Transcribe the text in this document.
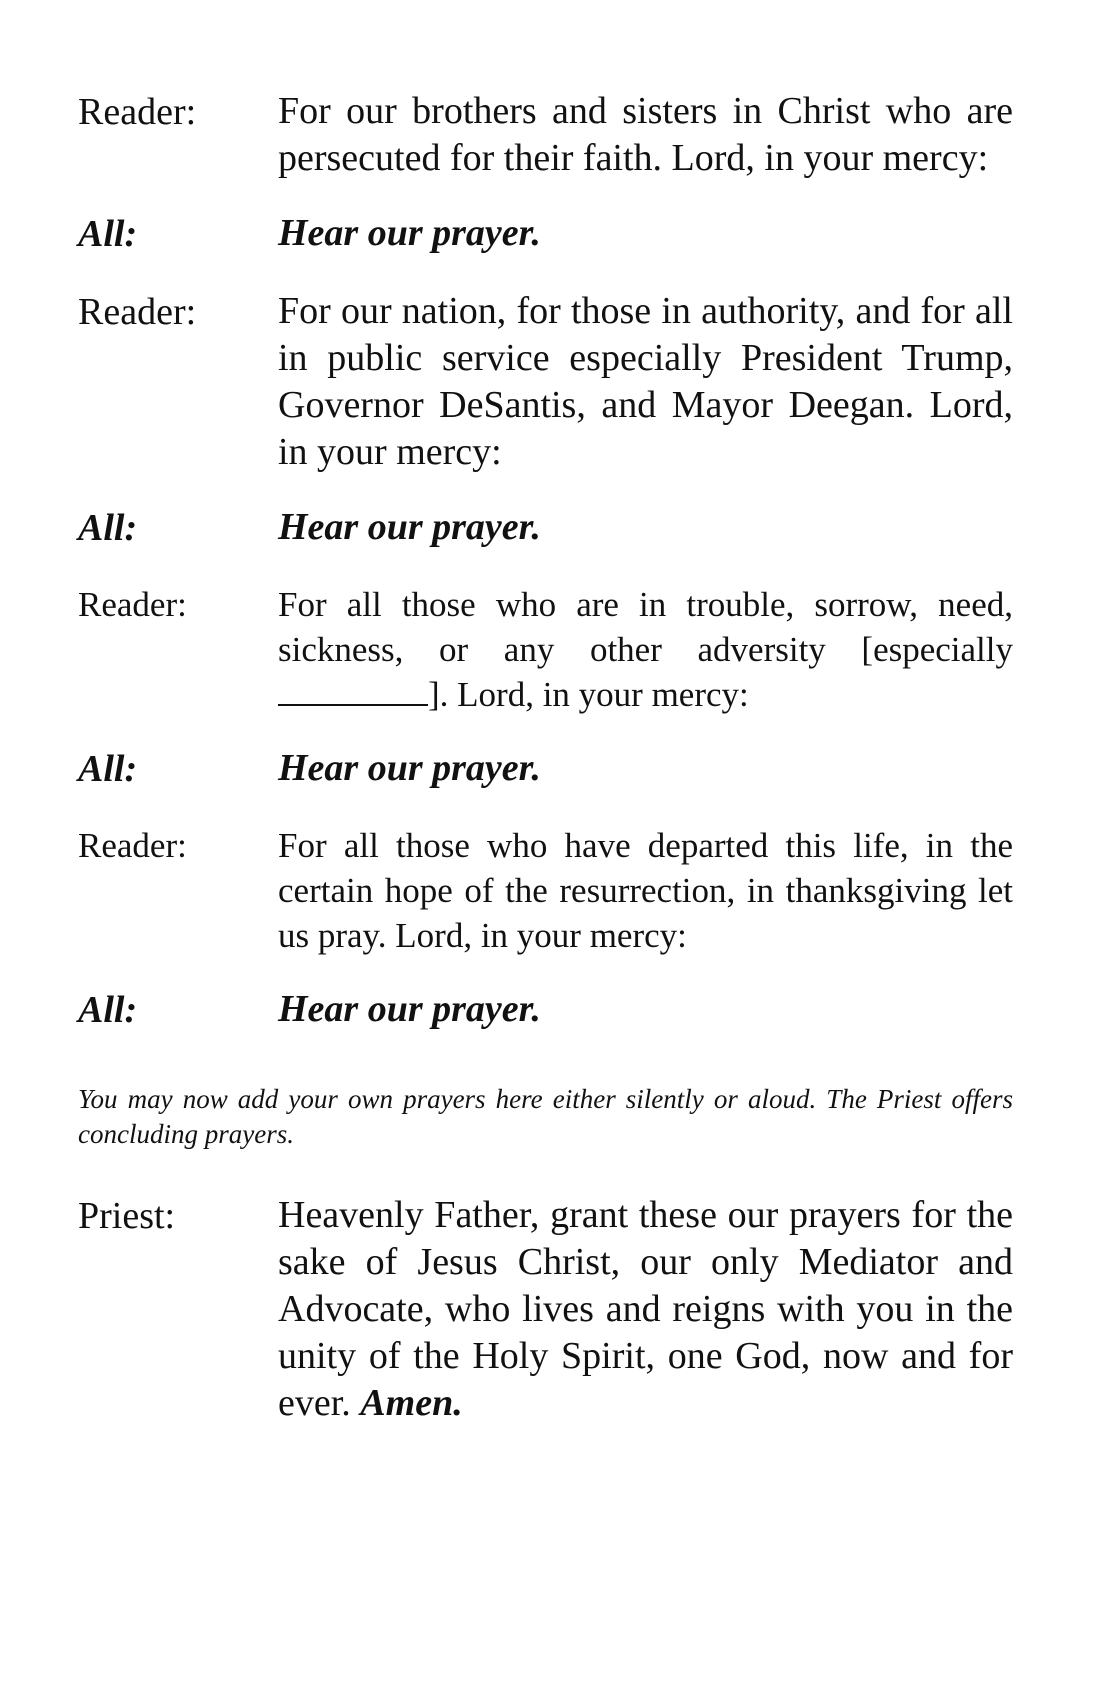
Reader:	For our brothers and sisters in Christ who are persecuted for their faith. Lord, in your mercy:
All:	Hear our prayer.
Reader:	For our nation, for those in authority, and for all in public service especially President Trump, Governor DeSantis, and Mayor Deegan. Lord, in your mercy:
All:	Hear our prayer.
Reader:	For all those who are in trouble, sorrow, need, sickness, or any other adversity [especially ]. Lord, in your mercy:
All:	Hear our prayer.
Reader:	For all those who have departed this life, in the certain hope of the resurrection, in thanksgiving let us pray. Lord, in your mercy:
All:	Hear our prayer.
You may now add your own prayers here either silently or aloud. The Priest offers concluding prayers.
Priest:	Heavenly Father, grant these our prayers for the sake of Jesus Christ, our only Mediator and Advocate, who lives and reigns with you in the unity of the Holy Spirit, one God, now and for ever. Amen.
